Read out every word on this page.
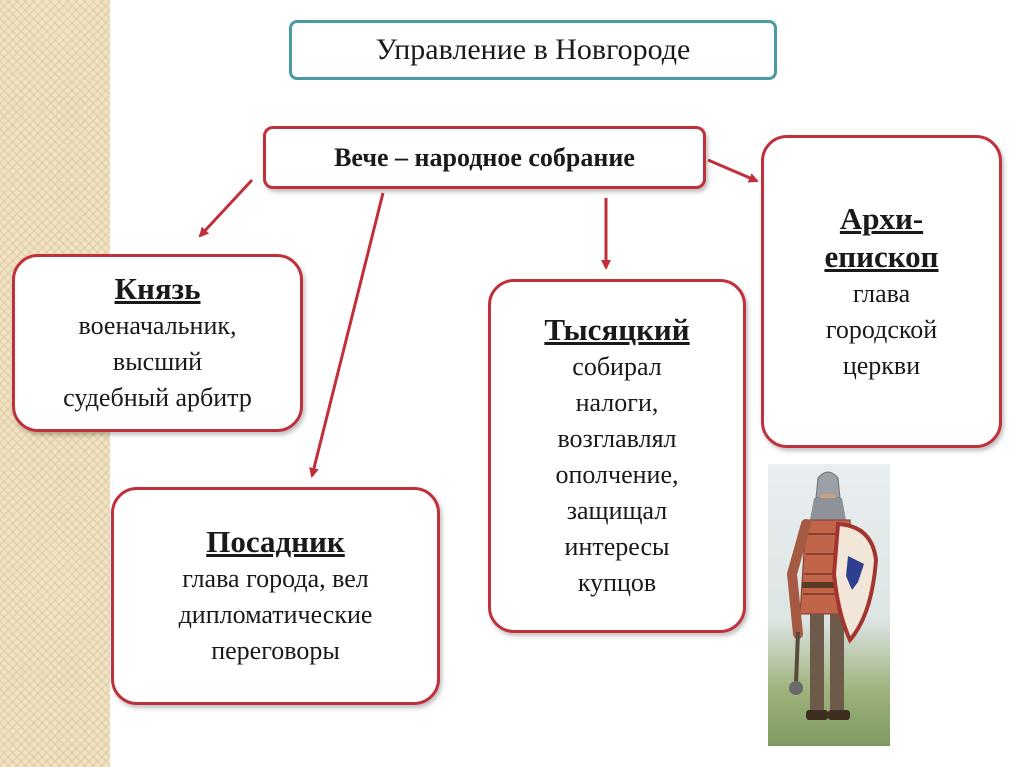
Управление в Новгороде
Вече – народное собрание
Князь
военачальник,
высший
судебный арбитр
Посадник
глава города, вел
дипломатические
переговоры
Тысяцкий
собирал
налоги,
возглавлял
ополчение,
защищал
интересы
купцов
Архи-
епископ
глава
городской
церкви
